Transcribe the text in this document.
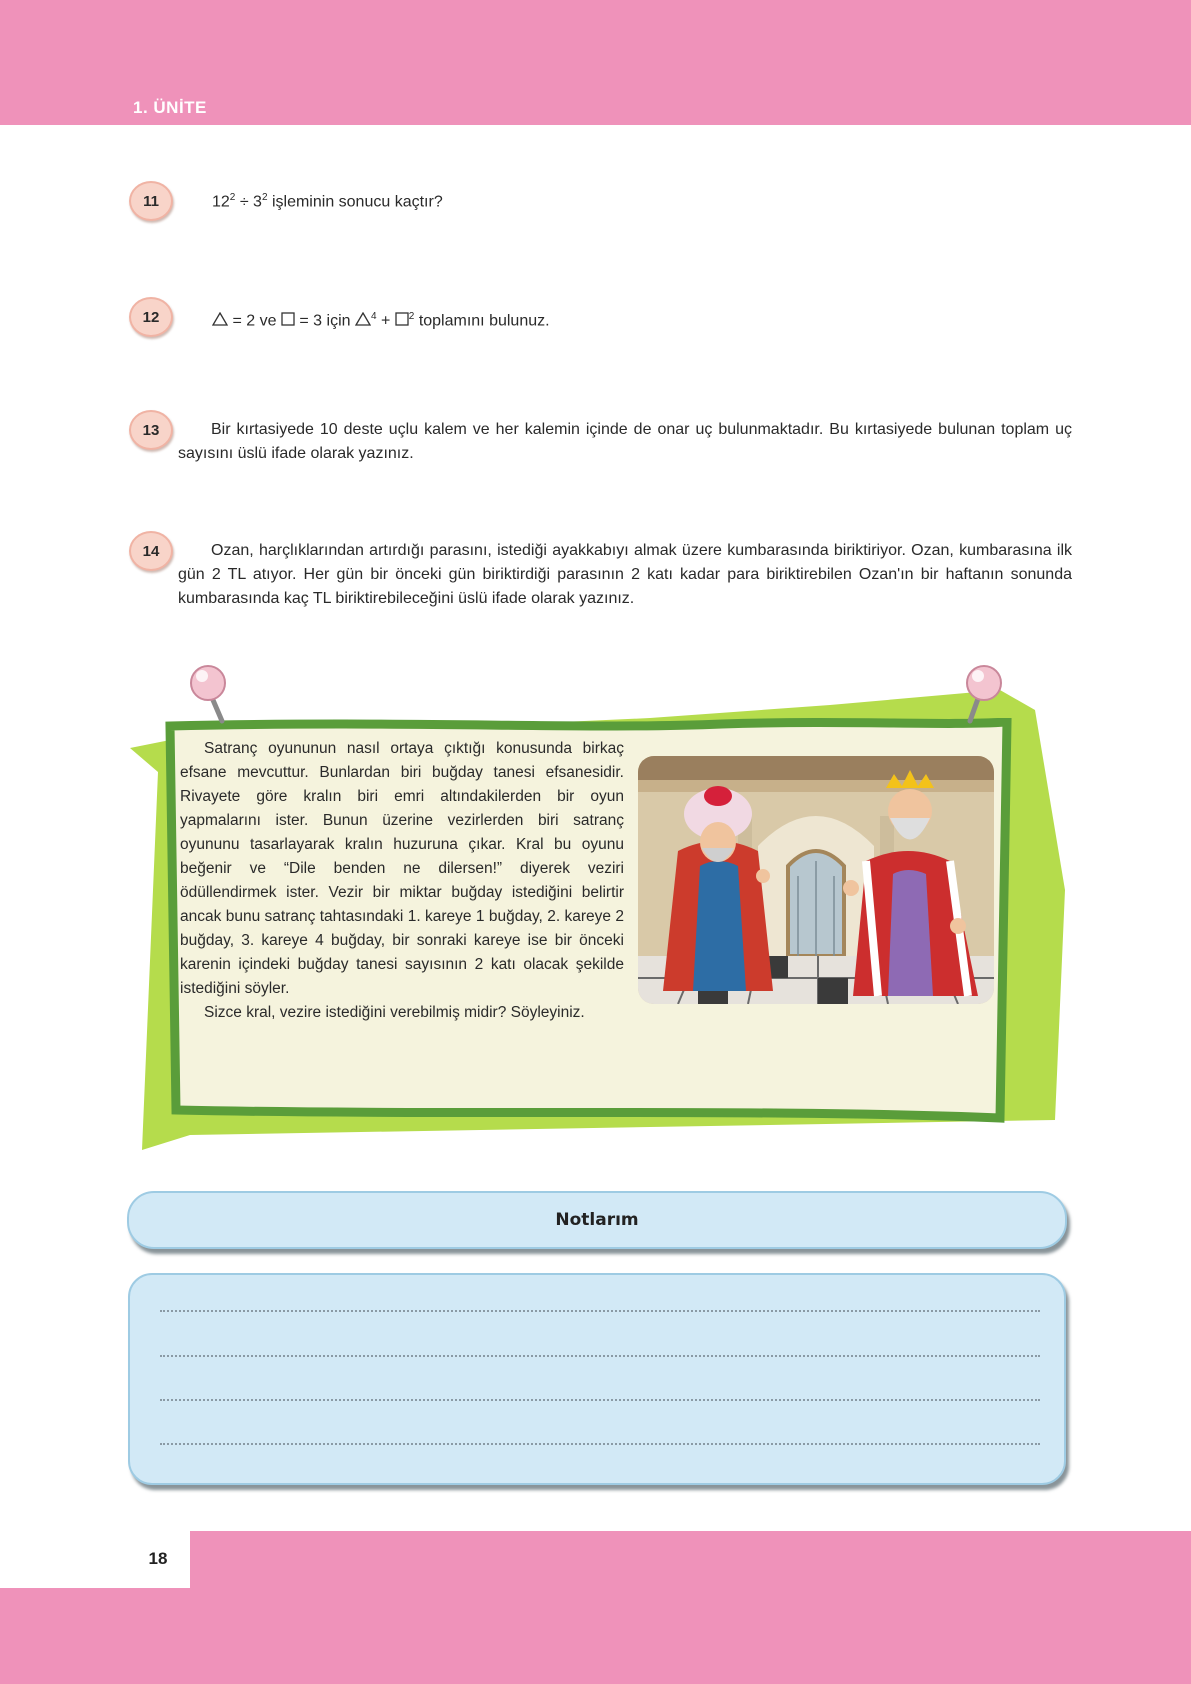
1. ÜNİTE
11	$12^2 \div 3^2$ işleminin sonucu kaçtır?
12	= 2 ve = 3 için $^4$ + $^2$ toplamını bulunuz.
13	Bir kırtasiyede 10 deste uçlu kalem ve her kalemin içinde de onar uç bulunmaktadır. Bu kırtasiyede bulunan toplam uç sayısını üslü ifade olarak yazınız.
14	Ozan, harçlıklarından artırdığı parasını, istediği ayakkabıyı almak üzere kumbarasında biriktiriyor. Ozan, kumbarasına ilk gün 2 TL atıyor. Her gün bir önceki gün biriktirdiği parasının 2 katı kadar para biriktirebilen Ozan'ın bir haftanın sonunda kumbarasında kaç TL biriktirebileceğini üslü ifade olarak yazınız.

Satranç oyununun nasıl ortaya çıktığı konusunda birkaç efsane mevcuttur. Bunlardan biri buğday tanesi efsanesidir. Rivayete göre kralın biri emri altındakilerden bir oyun yapmalarını ister. Bunun üzerine vezirlerden biri satranç oyununu tasarlayarak kralın huzuruna çıkar. Kral bu oyunu beğenir ve “Dile benden ne dilersen!” diyerek veziri ödüllendirmek ister. Vezir bir miktar buğday istediğini belirtir ancak bunu satranç tahtasındaki 1. kareye 1 buğday, 2. kareye 2 buğday, 3. kareye 4 buğday, bir sonraki kareye ise bir önceki karenin içindeki buğday tanesi sayısının 2 katı olacak şekilde istediğini söyler.

Sizce kral, vezire istediğini verebilmiş midir? Söyleyiniz.

Notlarım
18
